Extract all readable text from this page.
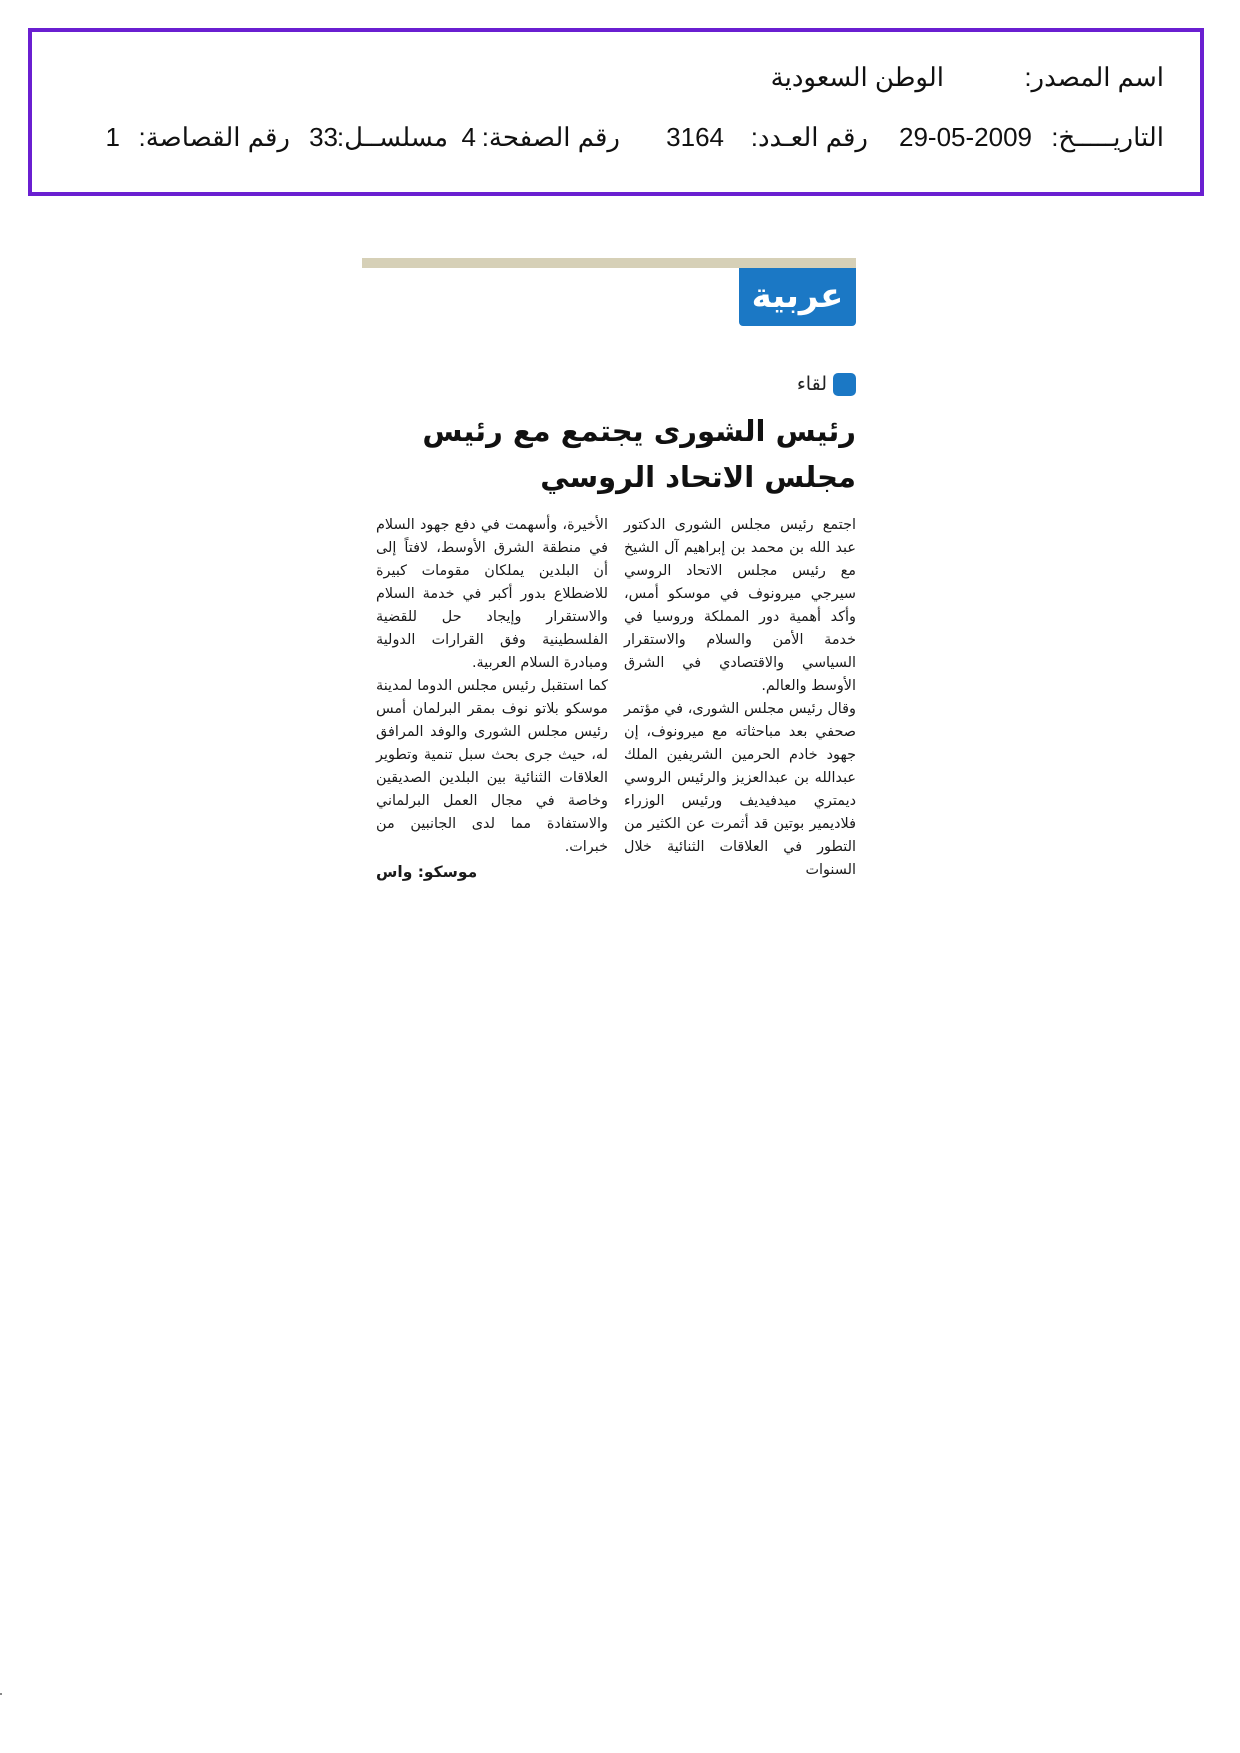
اسم المصدر:
الوطن السعودية
التاريـــــخ:
29-05-2009
رقم العـدد:
3164
رقم الصفحة:
4
مسلســل:
33
رقم القصاصة:
1
عربية
لقاء
رئيس الشورى يجتمع مع رئيس
مجلس الاتحاد الروسي

اجتمع رئيس مجلس الشورى الدكتور عبد الله بن محمد بن إبراهيم آل الشيخ مع رئيس مجلس الاتحاد الروسي سيرجي ميرونوف في موسكو أمس، وأكد أهمية دور المملكة وروسيا في خدمة الأمن والسلام والاستقرار السياسي والاقتصادي في الشرق الأوسط والعالم.

وقال رئيس مجلس الشورى، في مؤتمر صحفي بعد مباحثاته مع ميرونوف، إن جهود خادم الحرمين الشريفين الملك عبدالله بن عبدالعزيز والرئيس الروسي ديمتري ميدفيديف ورئيس الوزراء فلاديمير بوتين قد أثمرت عن الكثير من التطور في العلاقات الثنائية خلال السنوات

الأخيرة، وأسهمت في دفع جهود السلام في منطقة الشرق الأوسط، لافتاً إلى أن البلدين يملكان مقومات كبيرة للاضطلاع بدور أكبر في خدمة السلام والاستقرار وإيجاد حل للقضية الفلسطينية وفق القرارات الدولية ومبادرة السلام العربية.

كما استقبل رئيس مجلس الدوما لمدينة موسكو بلاتو نوف بمقر البرلمان أمس رئيس مجلس الشورى والوفد المرافق له، حيث جرى بحث سبل تنمية وتطوير العلاقات الثنائية بين البلدين الصديقين وخاصة في مجال العمل البرلماني والاستفادة مما لدى الجانبين من خبرات.

موسكو: واس
